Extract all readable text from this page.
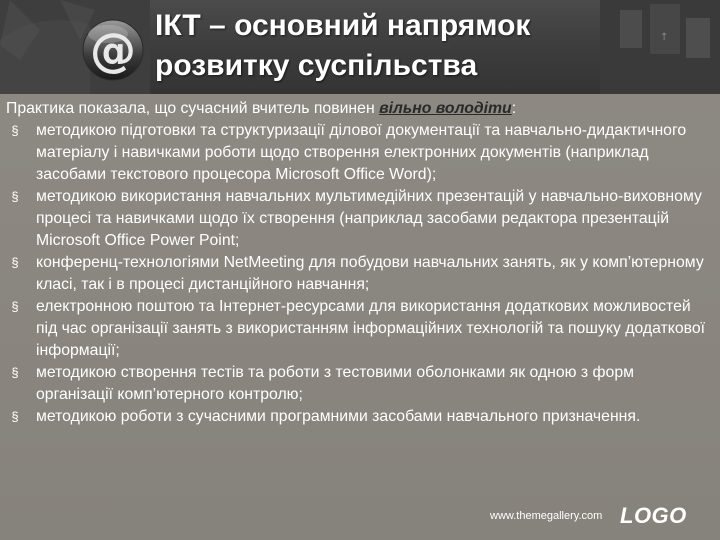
@	↑
ІКТ – основний напрямок
розвитку суспільства
Практика показала, що сучасний вчитель повинен вільно володіти:
§ методикою підготовки та структуризації ділової документації та навчально-дидактичного матеріалу і навичками роботи щодо створення електронних документів (наприклад засобами текстового процесора Microsoft Office Word);
§ методикою використання навчальних мультимедійних презентацій у навчально-виховному процесі та навичками щодо їх створення (наприклад засобами редактора презентацій Microsoft Office Power Point;
§ конференц-технологіями NetMeeting для побудови навчальних занять, як у комп’ютерному класі, так і в процесі дистанційного навчання;
§ електронною поштою та Інтернет-ресурсами для використання додаткових можливостей під час організації занять з використанням інформаційних технологій та пошуку додаткової інформації;
§ методикою створення тестів та роботи з тестовими оболонками як одною з форм організації комп’ютерного контролю;
§ методикою роботи з сучасними програмними засобами навчального призначення.
www.themegallery.com LOGO
